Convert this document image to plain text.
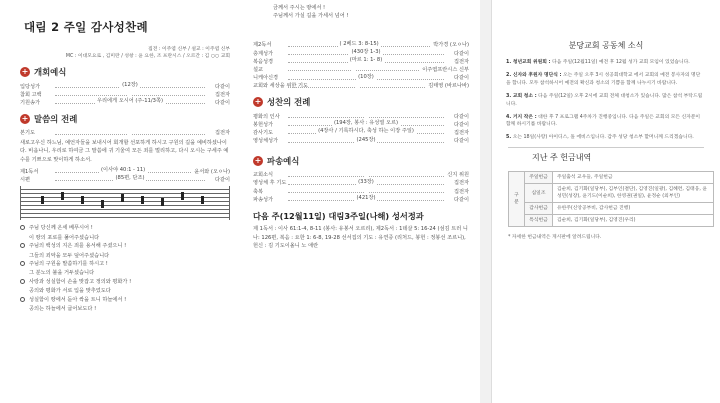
대림 2 주일 감사성찬례
집전 : 이주엽 신부 / 설교 : 이주엽 신부
MC : 이대모요로 , 김미란 / 성창 : 윤 요한, 조 프란시스 / 오르간 : 김 ○○ 교회
+ 개회예식
입당성가	(12장)	다같이
참회 고백	집전자
기원송가	우리에게 오시어 (주-11/3쪽)	다같이
+ 말씀의 전례
본기도	집전자
새로고우신 하느님, 예언자들을 보내시어 회개할 선포하게 하시고 구원의 길을 예비하셨나이다. 비옵나니, 우리로 하여금 그 말씀에 귀 기울여 모든 죄를 멀리하고, 다시 오시는 구세주 예수를 기쁘으로 맞이하게 하소서.
제1독서	(이사야 40:1 - 11)	윤서와 (오ㅇ나)
시편	(85편, 단조)	다같이
주님 당신께 온세 베푸시어 !
이 땅의 포로를 풀어주셨습니다
주님의 백성의 지은 죄를 용서해 주셨으니 !
그들의 죄악을 모두 덮어주셨습니다
주님의 구원을 말씀하기를 하시고 !
그 분노의 불을 거두셨습니다
사랑과 성실함이 손을 맞잡고 정의와 평화가 !
공의와 평화가 서로 입을 맞추었도다
성실함이 땅에서 돋아 싹을 트니 하늘에서 !
공의는 하늘에서 굽어보도다 !
금께서 주시는 땅에서 !
주님께서 가실 길을 가세서 넘어 !
제2독서	( 2베드 3: 8-15)	박가경 (오ㅇ나)
층계성가	(430장 1-3)	다같이
복음성경	(마르 1: 1- 8)	집전자
설교	이주엽프란시스 신부
니케아신경	(10장)	다같이
교회와 세상을 위한 기도	김태영 (바르나바)
+ 성찬의 전례
평화의 인사	다같이
봉헌성가	(194장, 봉사 : 유성열 오르)	다같이
감사기도	(4장사 / 기록하시다, 축성 하는 이장 주일)	집전자
영성체성가	(245장)	다같이
+ 파송예식
교회소식	신지 위원
영성체 후 기도	(33장)	집전자
축복	집전자
파송성가	(421장)	다같이
다음 주(12월11일) 대림3주일(나해) 성서정과
제 1독서 : 이사 61:1-4, 8-11 (봉사: 유봉서 오르리), 제2독서 : 1데살 5: 16-24 (섬김 트러 니나: 126편, 복음 : 요한 1: 6-8, 19-28 선서집의 기도 : 유연증 (리처드, 봉헌 : 정봉선 조르니), 헌신 : 김 기도이올니 노 애란
분당교회 공동체 소식

1. 청년교회 위원회 : 다음 주일(12월11일) 예전 후 12월 성가 교회 모임이 있었습니다.

2. 신자와 후원자 명단식 : 오는 주일 오후 3시 성공회대학교 에서 교회의 예전 봉사자의 명단을 합니다. 모두 참석하시어 예전의 확신과 청소의 기쁨을 함께 나누시기 바랍니다.

3. 교회 청소 : 다음 주일(12일) 오후 2시에 교회 전체 대청소가 있습니다. 많은 참석 부탁드립니다.

4. 거지 작은 : 대한 후 7 프로그램 4주차가 진행중입니다. 다음 주일은 교회의 모든 신자분이 함께 하시기를 바랍니다.

5. 오는 18일(사랑) 아이디스, 돌 에비스입니다. 감주 성당 청소부 할머니께 드리겠습니다.

지난 주 헌금내역
구분	주일헌금	주일출석 교우들, 주일헌금
	십일조	김순희, 김기화(일당부), 김부인(결단), 김영진(일광), 김혜련, 김태웅, 윤성민(성장), 윤기도(이순희), 한영권(권일), 윤정순 (외부인)
	감사헌금	유한주(신앙공부비, 감사헌금 진행)
	특식헌금	김순희, 김기화(일당부), 김영진(우리)
* 자세한 헌금내역은 게시판에 알려드립니다.
